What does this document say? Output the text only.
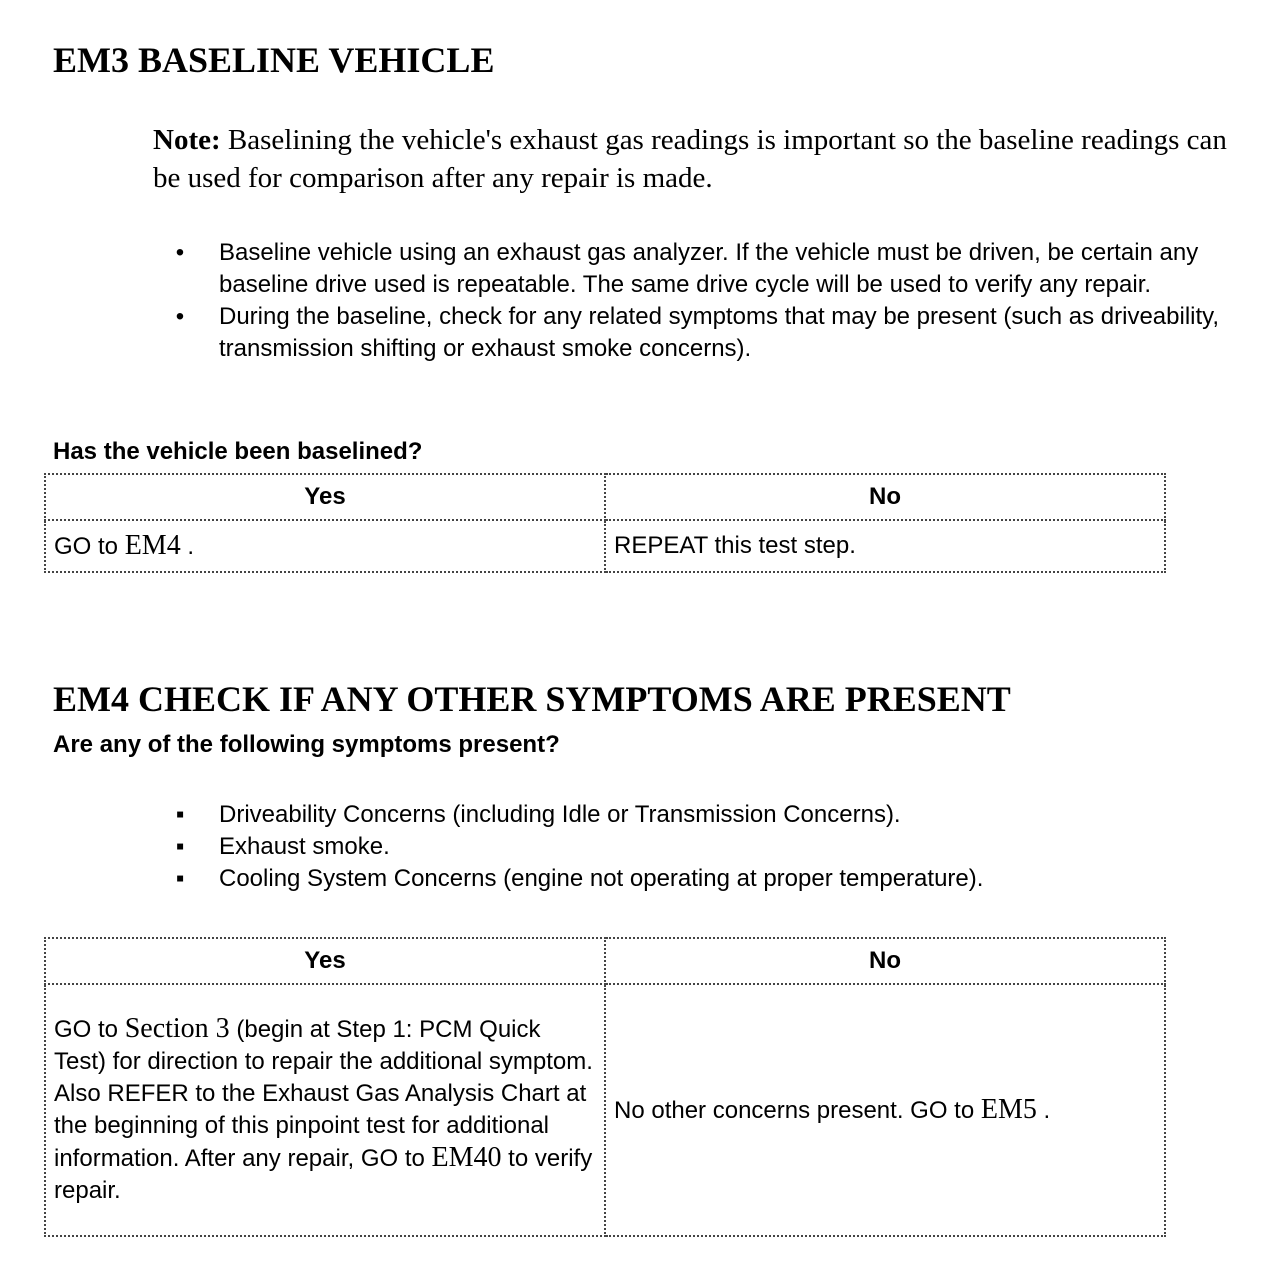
EM3 BASELINE VEHICLE

Note: Baselining the vehicle's exhaust gas readings is important so the baseline readings can be used for comparison after any repair is made.

• Baseline vehicle using an exhaust gas analyzer. If the vehicle must be driven, be certain any baseline drive used is repeatable. The same drive cycle will be used to verify any repair.
• During the baseline, check for any related symptoms that may be present (such as driveability, transmission shifting or exhaust smoke concerns).

Has the vehicle been baselined?

Yes	No
GO to EM4 .	REPEAT this test step.
EM4 CHECK IF ANY OTHER SYMPTOMS ARE PRESENT

Are any of the following symptoms present?

▪ Driveability Concerns (including Idle or Transmission Concerns).
▪ Exhaust smoke.
▪ Cooling System Concerns (engine not operating at proper temperature).
Yes	No
GO to Section 3 (begin at Step 1: PCM Quick Test) for direction to repair the additional symptom. Also REFER to the Exhaust Gas Analysis Chart at the beginning of this pinpoint test for additional information. After any repair, GO to EM40 to verify repair.	No other concerns present. GO to EM5 .
